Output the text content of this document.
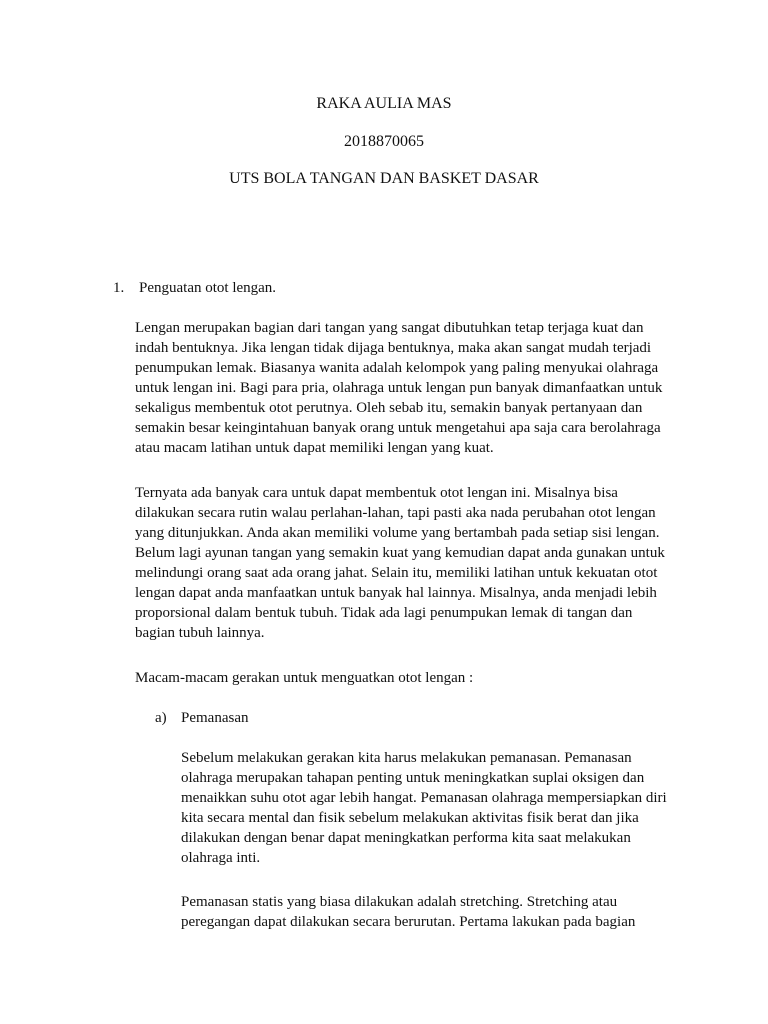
RAKA AULIA MAS
2018870065
UTS BOLA TANGAN DAN BASKET DASAR
1. Penguatan otot lengan.

Lengan merupakan bagian dari tangan yang sangat dibutuhkan tetap terjaga kuat dan
indah bentuknya. Jika lengan tidak dijaga bentuknya, maka akan sangat mudah terjadi
penumpukan lemak. Biasanya wanita adalah kelompok yang paling menyukai olahraga
untuk lengan ini. Bagi para pria, olahraga untuk lengan pun banyak dimanfaatkan untuk
sekaligus membentuk otot perutnya. Oleh sebab itu, semakin banyak pertanyaan dan
semakin besar keingintahuan banyak orang untuk mengetahui apa saja cara berolahraga
atau macam latihan untuk dapat memiliki lengan yang kuat.

Ternyata ada banyak cara untuk dapat membentuk otot lengan ini. Misalnya bisa
dilakukan secara rutin walau perlahan-lahan, tapi pasti aka nada perubahan otot lengan
yang ditunjukkan. Anda akan memiliki volume yang bertambah pada setiap sisi lengan.
Belum lagi ayunan tangan yang semakin kuat yang kemudian dapat anda gunakan untuk
melindungi orang saat ada orang jahat. Selain itu, memiliki latihan untuk kekuatan otot
lengan dapat anda manfaatkan untuk banyak hal lainnya. Misalnya, anda menjadi lebih
proporsional dalam bentuk tubuh. Tidak ada lagi penumpukan lemak di tangan dan
bagian tubuh lainnya.

Macam-macam gerakan untuk menguatkan otot lengan :

a) Pemanasan

Sebelum melakukan gerakan kita harus melakukan pemanasan. Pemanasan
olahraga merupakan tahapan penting untuk meningkatkan suplai oksigen dan
menaikkan suhu otot agar lebih hangat. Pemanasan olahraga mempersiapkan diri
kita secara mental dan fisik sebelum melakukan aktivitas fisik berat dan jika
dilakukan dengan benar dapat meningkatkan performa kita saat melakukan
olahraga inti.

Pemanasan statis yang biasa dilakukan adalah stretching. Stretching atau
peregangan dapat dilakukan secara berurutan. Pertama lakukan pada bagian
